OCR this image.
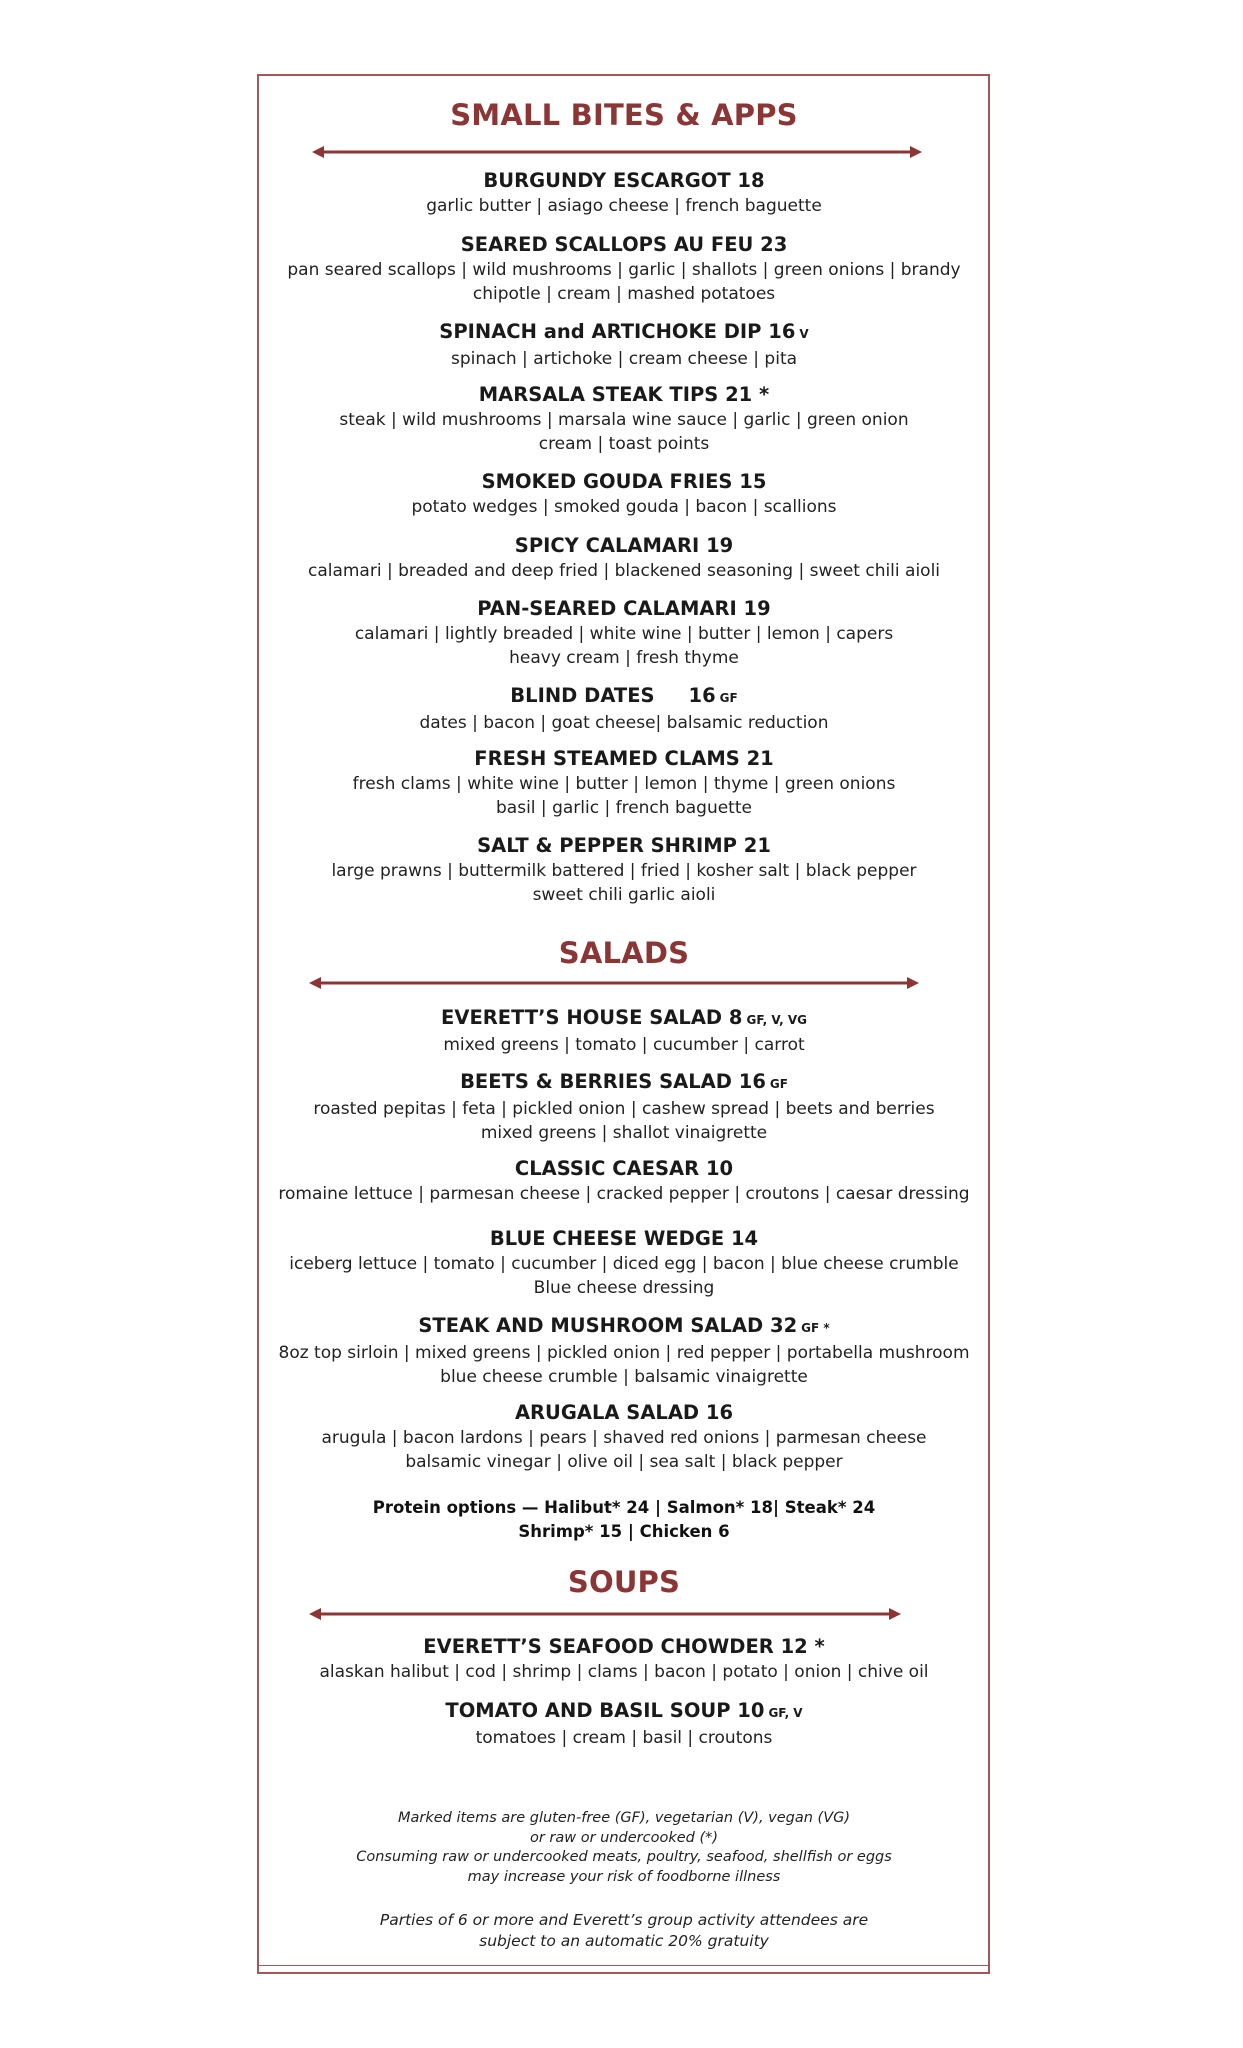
SMALL BITES & APPS
BURGUNDY ESCARGOT 18
garlic butter | asiago cheese | french baguette
SEARED SCALLOPS AU FEU 23
pan seared scallops | wild mushrooms | garlic | shallots | green onions | brandy
chipotle | cream | mashed potatoes
SPINACH and ARTICHOKE DIP 16 V
spinach | artichoke | cream cheese | pita
MARSALA STEAK TIPS 21 *
steak | wild mushrooms | marsala wine sauce | garlic | green onion
cream | toast points
SMOKED GOUDA FRIES 15
potato wedges | smoked gouda | bacon | scallions
SPICY CALAMARI 19
calamari | breaded and deep fried | blackened seasoning | sweet chili aioli
PAN-SEARED CALAMARI 19
calamari | lightly breaded | white wine | butter | lemon | capers
heavy cream | fresh thyme
BLIND DATES     16 GF
dates | bacon | goat cheese| balsamic reduction
FRESH STEAMED CLAMS 21
fresh clams | white wine | butter | lemon | thyme | green onions
basil | garlic | french baguette
SALT & PEPPER SHRIMP 21
large prawns | buttermilk battered | fried | kosher salt | black pepper
sweet chili garlic aioli
SALADS
EVERETT’S HOUSE SALAD 8 GF, V, VG
mixed greens | tomato | cucumber | carrot
BEETS & BERRIES SALAD 16 GF
roasted pepitas | feta | pickled onion | cashew spread | beets and berries
mixed greens | shallot vinaigrette
CLASSIC CAESAR 10
romaine lettuce | parmesan cheese | cracked pepper | croutons | caesar dressing
BLUE CHEESE WEDGE 14
iceberg lettuce | tomato | cucumber | diced egg | bacon | blue cheese crumble
Blue cheese dressing
STEAK AND MUSHROOM SALAD 32 GF *
8oz top sirloin | mixed greens | pickled onion | red pepper | portabella mushroom
blue cheese crumble | balsamic vinaigrette
ARUGALA SALAD 16
arugula | bacon lardons | pears | shaved red onions | parmesan cheese
balsamic vinegar | olive oil | sea salt | black pepper
Protein options — Halibut* 24 | Salmon* 18| Steak* 24
Shrimp* 15 | Chicken 6
SOUPS
EVERETT’S SEAFOOD CHOWDER 12 *
alaskan halibut | cod | shrimp | clams | bacon | potato | onion | chive oil
TOMATO AND BASIL SOUP 10 GF, V
tomatoes | cream | basil | croutons
Marked items are gluten-free (GF), vegetarian (V), vegan (VG)
or raw or undercooked (*)
Consuming raw or undercooked meats, poultry, seafood, shellfish or eggs
may increase your risk of foodborne illness
Parties of 6 or more and Everett’s group activity attendees are
subject to an automatic 20% gratuity
